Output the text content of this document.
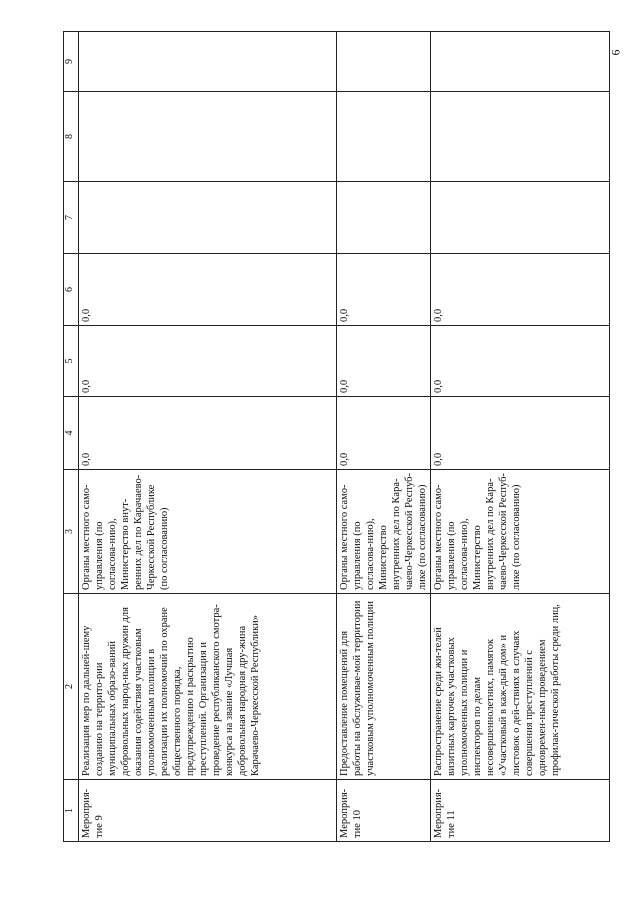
6
1	2	3	4	5	6	7	8	9
Мероприя-тие 9	Реализация мер по дальней-шему созданию на террито-рии муниципальных образо-ваний добровольных народ-ных дружин для оказания содействия участковым уполномоченным полиции в реализации их полномочий по охране общественного порядка, предупреждению и раскрытию преступлений. Организация и проведение республиканского смотра-конкурса на звание «Лучшая добровольная народная дру-жина Карачаево-Черкесской Республики»	Органы местного само-управления (по согласова-нию), Министерство внут-ренних дел по Карачаево-Черкесской Республике (по согласованию)	0,0	0,0	0,0			
Мероприя-тие 10	Предоставление помещений для работы на обслуживае-мой территории участковым уполномоченным полиции	Органы местного само-управления (по согласова-нию), Министерство внутренних дел по Кара-чаево-Черкесской Респуб-лике (по согласованию)	0,0	0,0	0,0			
Мероприя-тие 11	Распространение среди жи-телей визитных карточек участковых уполномоченных полиции и инспекторов по делам несовершеннолетних, памяток «Участковый в каж-дый дом» и листовок о дей-ствиях в случаях совершения преступлений с одновремен-ным проведением профилак-тической работы среди лиц,	Органы местного само-управления (по согласова-нию), Министерство внутренних дел по Кара-чаево-Черкесской Респуб-лике (по согласованию)	0,0	0,0	0,0			
